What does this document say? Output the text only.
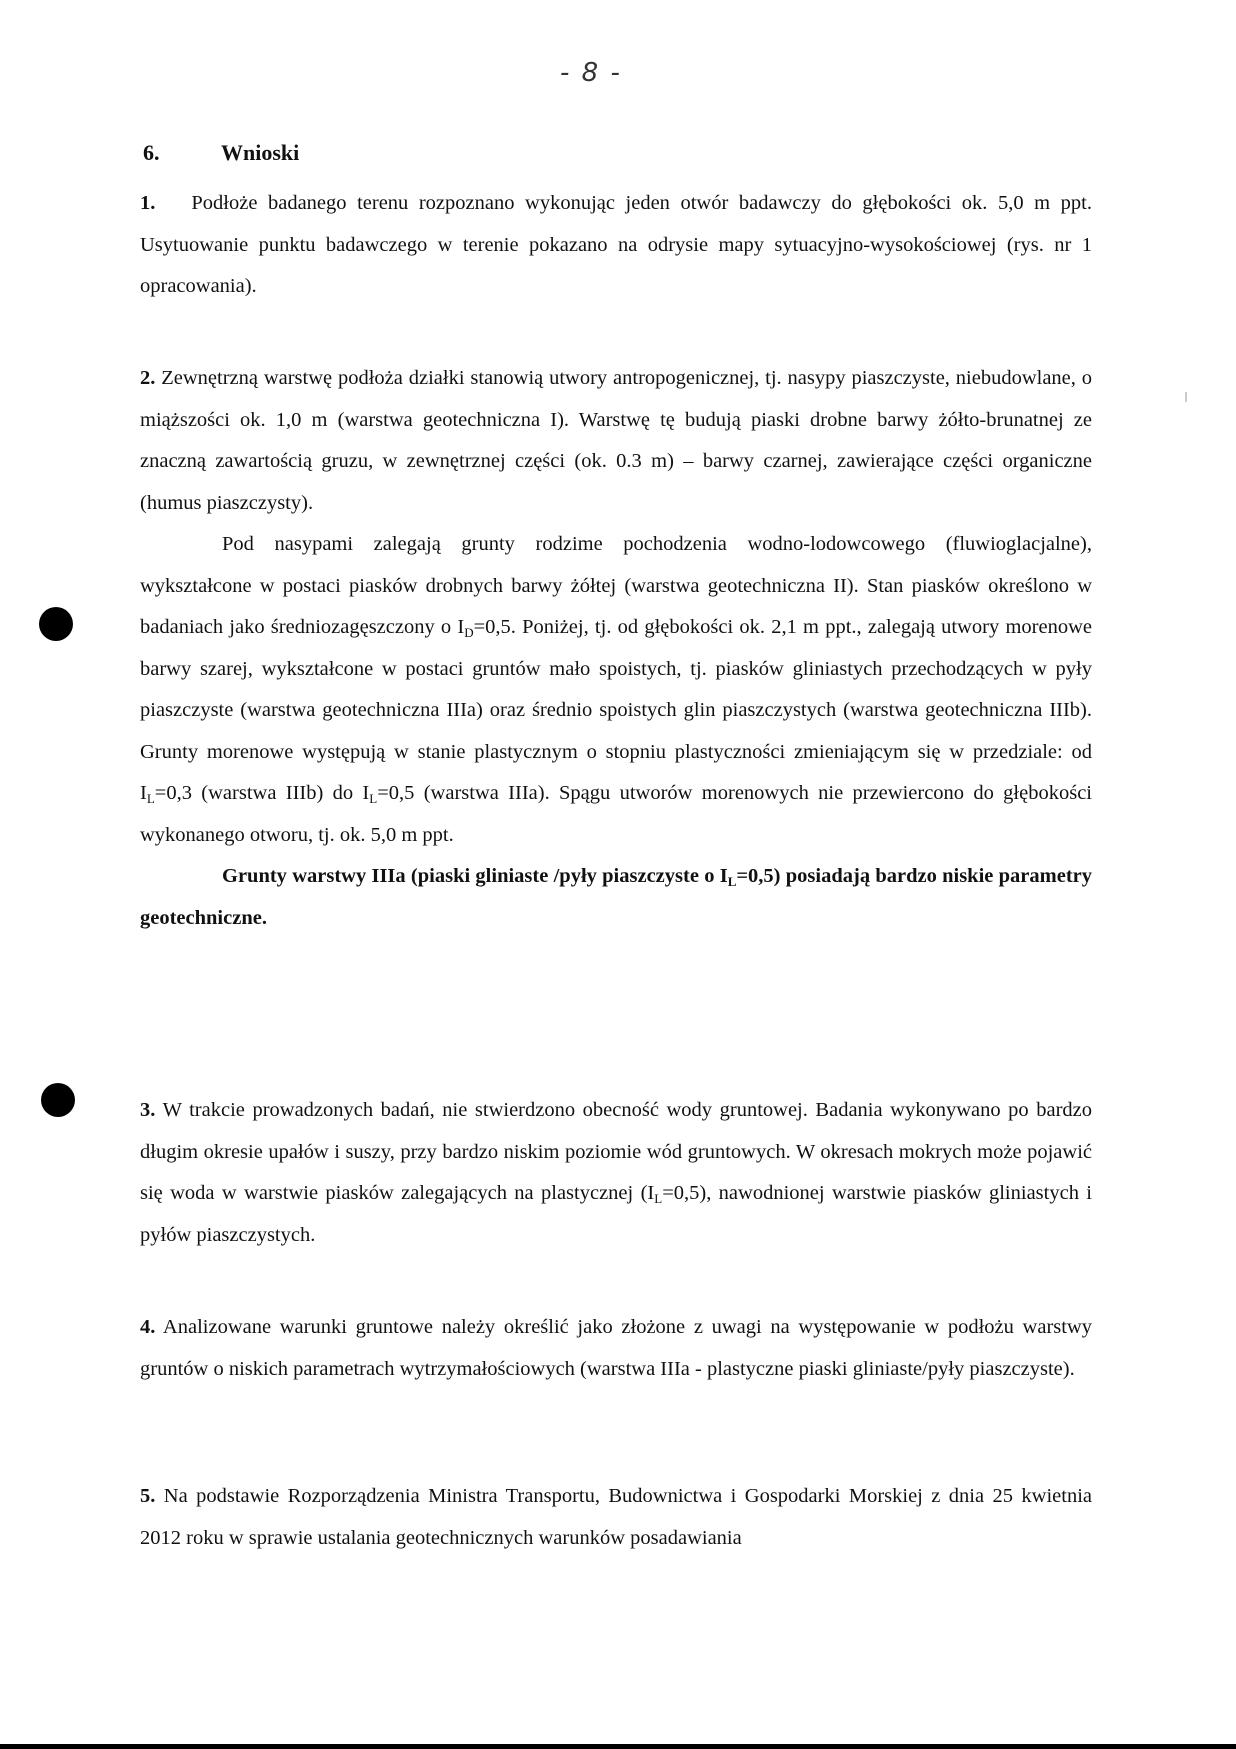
- 8 -
6.	Wnioski

1. Podłoże badanego terenu rozpoznano wykonując jeden otwór badawczy do głębokości ok. 5,0 m ppt. Usytuowanie punktu badawczego w terenie pokazano na odrysie mapy sytuacyjno-wysokościowej (rys. nr 1 opracowania).

2. Zewnętrzną warstwę podłoża działki stanowią utwory antropogenicznej, tj. nasypy piaszczyste, niebudowlane, o miąższości ok. 1,0 m (warstwa geotechniczna I). Warstwę tę budują piaski drobne barwy żółto-brunatnej ze znaczną zawartością gruzu, w zewnętrznej części (ok. 0.3 m) – barwy czarnej, zawierające części organiczne (humus piaszczysty).

Pod nasypami zalegają grunty rodzime pochodzenia wodno-lodowcowego (fluwioglacjalne), wykształcone w postaci piasków drobnych barwy żółtej (warstwa geotechniczna II). Stan piasków określono w badaniach jako średniozagęszczony o $I_D=0,5$. Poniżej, tj. od głębokości ok. 2,1 m ppt., zalegają utwory morenowe barwy szarej, wykształcone w postaci gruntów mało spoistych, tj. piasków gliniastych przechodzących w pyły piaszczyste (warstwa geotechniczna IIIa) oraz średnio spoistych glin piaszczystych (warstwa geotechniczna IIIb). Grunty morenowe występują w stanie plastycznym o stopniu plastyczności zmieniającym się w przedziale: od $I_L=0,3$ (warstwa IIIb) do $I_L=0,5$ (warstwa IIIa). Spągu utworów morenowych nie przewiercono do głębokości wykonanego otworu, tj. ok. 5,0 m ppt.

Grunty warstwy IIIa (piaski gliniaste /pyły piaszczyste o $I_L=0,5$) posiadają bardzo niskie parametry geotechniczne.

3. W trakcie prowadzonych badań, nie stwierdzono obecność wody gruntowej. Badania wykonywano po bardzo długim okresie upałów i suszy, przy bardzo niskim poziomie wód gruntowych. W okresach mokrych może pojawić się woda w warstwie piasków zalegających na plastycznej $(I_L=0,5)$, nawodnionej warstwie piasków gliniastych i pyłów piaszczystych.

4. Analizowane warunki gruntowe należy określić jako złożone z uwagi na występowanie w podłożu warstwy gruntów o niskich parametrach wytrzymałościowych (warstwa IIIa - plastyczne piaski gliniaste/pyły piaszczyste).

5. Na podstawie Rozporządzenia Ministra Transportu, Budownictwa i Gospodarki Morskiej z dnia 25 kwietnia 2012 roku w sprawie ustalania geotechnicznych warunków posadawiania
